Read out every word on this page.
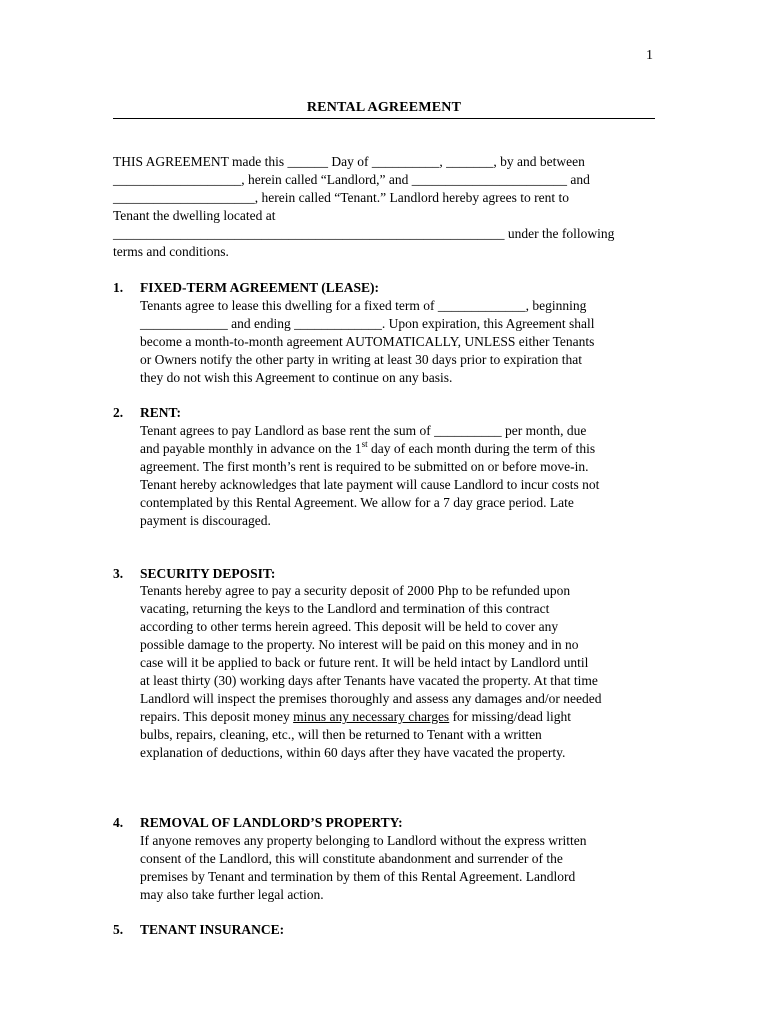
1
RENTAL AGREEMENT
THIS AGREEMENT made this ______ Day of __________, _______, by and between
___________________, herein called “Landlord,” and _______________________ and
_____________________, herein called “Tenant.” Landlord hereby agrees to rent to
Tenant the dwelling located at
__________________________________________________________ under the following
terms and conditions.
1. FIXED-TERM AGREEMENT (LEASE):
Tenants agree to lease this dwelling for a fixed term of _____________, beginning
_____________ and ending _____________. Upon expiration, this Agreement shall
become a month-to-month agreement AUTOMATICALLY, UNLESS either Tenants
or Owners notify the other party in writing at least 30 days prior to expiration that
they do not wish this Agreement to continue on any basis.
2. RENT:
Tenant agrees to pay Landlord as base rent the sum of __________ per month, due
and payable monthly in advance on the 1st day of each month during the term of this
agreement. The first month’s rent is required to be submitted on or before move-in.
Tenant hereby acknowledges that late payment will cause Landlord to incur costs not
contemplated by this Rental Agreement. We allow for a 7 day grace period. Late
payment is discouraged.
3. SECURITY DEPOSIT:
Tenants hereby agree to pay a security deposit of 2000 Php to be refunded upon
vacating, returning the keys to the Landlord and termination of this contract
according to other terms herein agreed. This deposit will be held to cover any
possible damage to the property. No interest will be paid on this money and in no
case will it be applied to back or future rent. It will be held intact by Landlord until
at least thirty (30) working days after Tenants have vacated the property. At that time
Landlord will inspect the premises thoroughly and assess any damages and/or needed
repairs. This deposit money minus any necessary charges for missing/dead light
bulbs, repairs, cleaning, etc., will then be returned to Tenant with a written
explanation of deductions, within 60 days after they have vacated the property.
4. REMOVAL OF LANDLORD’S PROPERTY:
If anyone removes any property belonging to Landlord without the express written
consent of the Landlord, this will constitute abandonment and surrender of the
premises by Tenant and termination by them of this Rental Agreement. Landlord
may also take further legal action.
5. TENANT INSURANCE:
